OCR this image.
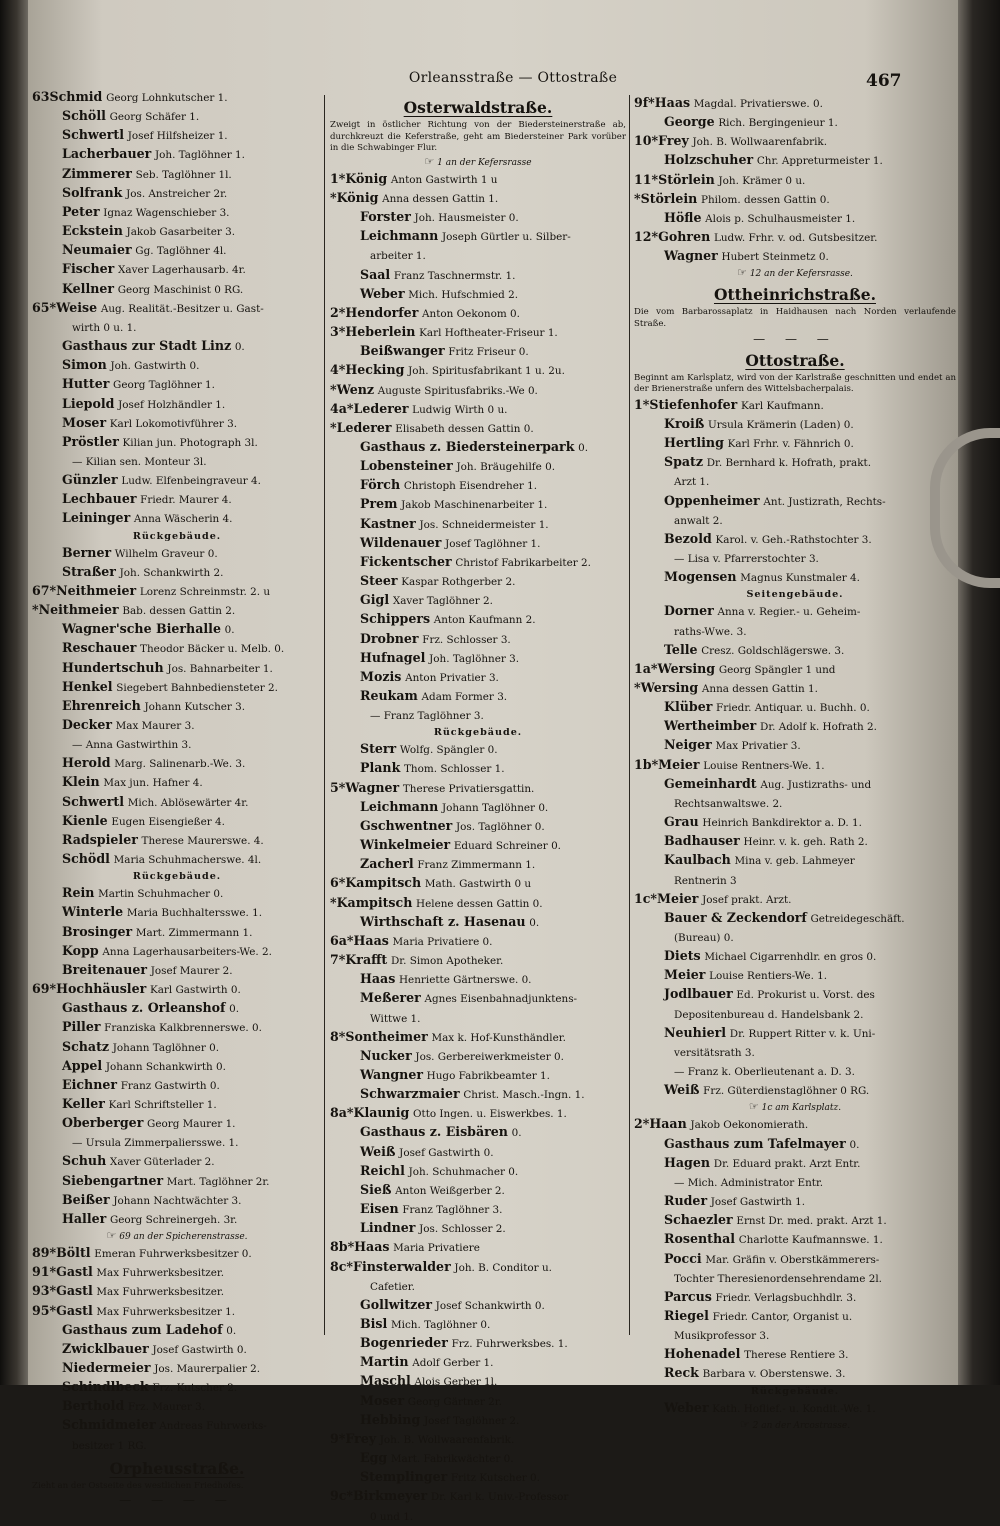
Orleansstraße — Ottostraße	467
63Schmid Georg Lohnkutscher 1.
Schöll Georg Schäfer 1.
Schwertl Josef Hilfsheizer 1.
Lacherbauer Joh. Taglöhner 1.
Zimmerer Seb. Taglöhner 1l.
Solfrank Jos. Anstreicher 2r.
Peter Ignaz Wagenschieber 3.
Eckstein Jakob Gasarbeiter 3.
Neumaier Gg. Taglöhner 4l.
Fischer Xaver Lagerhausarb. 4r.
Kellner Georg Maschinist 0 RG.
65*Weise Aug. Realität.-Besitzer u. Gast-
wirth 0 u. 1.
Gasthaus zur Stadt Linz 0.
Simon Joh. Gastwirth 0.
Hutter Georg Taglöhner 1.
Liepold Josef Holzhändler 1.
Moser Karl Lokomotivführer 3.
Pröstler Kilian jun. Photograph 3l.
— Kilian sen. Monteur 3l.
Günzler Ludw. Elfenbeingraveur 4.
Lechbauer Friedr. Maurer 4.
Leininger Anna Wäscherin 4.
Rückgebäude.
Berner Wilhelm Graveur 0.
Straßer Joh. Schankwirth 2.
67*Neithmeier Lorenz Schreinmstr. 2. u
*Neithmeier Bab. dessen Gattin 2.
Wagner'sche Bierhalle 0.
Reschauer Theodor Bäcker u. Melb. 0.
Hundertschuh Jos. Bahnarbeiter 1.
Henkel Siegebert Bahnbediensteter 2.
Ehrenreich Johann Kutscher 3.
Decker Max Maurer 3.
— Anna Gastwirthin 3.
Herold Marg. Salinenarb.-We. 3.
Klein Max jun. Hafner 4.
Schwertl Mich. Ablösewärter 4r.
Kienle Eugen Eisengießer 4.
Radspieler Therese Maurerswe. 4.
Schödl Maria Schuhmacherswe. 4l.
Rückgebäude.
Rein Martin Schuhmacher 0.
Winterle Maria Buchhaltersswe. 1.
Brosinger Mart. Zimmermann 1.
Kopp Anna Lagerhausarbeiters-We. 2.
Breitenauer Josef Maurer 2.
69*Hochhäusler Karl Gastwirth 0.
Gasthaus z. Orleanshof 0.
Piller Franziska Kalkbrennerswe. 0.
Schatz Johann Taglöhner 0.
Appel Johann Schankwirth 0.
Eichner Franz Gastwirth 0.
Keller Karl Schriftsteller 1.
Oberberger Georg Maurer 1.
— Ursula Zimmerpaliersswe. 1.
Schuh Xaver Güterlader 2.
Siebengartner Mart. Taglöhner 2r.
Beißer Johann Nachtwächter 3.
Haller Georg Schreinergeh. 3r.
☞ 69 an der Spicherenstrasse.
89*Böltl Emeran Fuhrwerksbesitzer 0.
91*Gastl Max Fuhrwerksbesitzer.
93*Gastl Max Fuhrwerksbesitzer.
95*Gastl Max Fuhrwerksbesitzer 1.
Gasthaus zum Ladehof 0.
Zwicklbauer Josef Gastwirth 0.
Niedermeier Jos. Maurerpalier 2.
Schindlbeck Frz. Kutscher 2.
Berthold Frz. Maurer 3.
Schmidmeier Andreas Fuhrwerks-
besitzer 1 RG.
Orpheusstraße.
Zieht an der Ostseite des westlichen Friedhofes.
— — — —
Osterwaldstraße.
Zweigt in östlicher Richtung von der Biedersteinerstraße ab, durchkreuzt die Keferstraße, geht am Biedersteiner Park vorüber in die Schwabinger Flur.
☞ 1 an der Kefersrasse
1*König Anton Gastwirth 1 u
*König Anna dessen Gattin 1.
Forster Joh. Hausmeister 0.
Leichmann Joseph Gürtler u. Silber-
arbeiter 1.
Saal Franz Taschnermstr. 1.
Weber Mich. Hufschmied 2.
2*Hendorfer Anton Oekonom 0.
3*Heberlein Karl Hoftheater-Friseur 1.
Beißwanger Fritz Friseur 0.
4*Hecking Joh. Spiritusfabrikant 1 u. 2u.
*Wenz Auguste Spiritusfabriks.-We 0.
4a*Lederer Ludwig Wirth 0 u.
*Lederer Elisabeth dessen Gattin 0.
Gasthaus z. Biedersteinerpark 0.
Lobensteiner Joh. Bräugehilfe 0.
Förch Christoph Eisendreher 1.
Prem Jakob Maschinenarbeiter 1.
Kastner Jos. Schneidermeister 1.
Wildenauer Josef Taglöhner 1.
Fickentscher Christof Fabrikarbeiter 2.
Steer Kaspar Rothgerber 2.
Gigl Xaver Taglöhner 2.
Schippers Anton Kaufmann 2.
Drobner Frz. Schlosser 3.
Hufnagel Joh. Taglöhner 3.
Mozis Anton Privatier 3.
Reukam Adam Former 3.
— Franz Taglöhner 3.
Rückgebäude.
Sterr Wolfg. Spängler 0.
Plank Thom. Schlosser 1.
5*Wagner Therese Privatiersgattin.
Leichmann Johann Taglöhner 0.
Gschwentner Jos. Taglöhner 0.
Winkelmeier Eduard Schreiner 0.
Zacherl Franz Zimmermann 1.
6*Kampitsch Math. Gastwirth 0 u
*Kampitsch Helene dessen Gattin 0.
Wirthschaft z. Hasenau 0.
6a*Haas Maria Privatiere 0.
7*Krafft Dr. Simon Apotheker.
Haas Henriette Gärtnerswe. 0.
Meßerer Agnes Eisenbahnadjunktens-
Wittwe 1.
8*Sontheimer Max k. Hof-Kunsthändler.
Nucker Jos. Gerbereiwerkmeister 0.
Wangner Hugo Fabrikbeamter 1.
Schwarzmaier Christ. Masch.-Ingn. 1.
8a*Klaunig Otto Ingen. u. Eiswerkbes. 1.
Gasthaus z. Eisbären 0.
Weiß Josef Gastwirth 0.
Reichl Joh. Schuhmacher 0.
Sieß Anton Weißgerber 2.
Eisen Franz Taglöhner 3.
Lindner Jos. Schlosser 2.
8b*Haas Maria Privatiere
8c*Finsterwalder Joh. B. Conditor u.
Cafetier.
Gollwitzer Josef Schankwirth 0.
Bisl Mich. Taglöhner 0.
Bogenrieder Frz. Fuhrwerksbes. 1.
Martin Adolf Gerber 1.
Maschl Alois Gerber 1l.
Moser Georg Gärtner 2r.
Hebbing Josef Taglöhner 2.
9*Frey Joh. B. Wollwaarenfabrik.
Egg Mart. Fabrikwächter 0.
Stemplinger Fritz Kutscher 0.
9c*Birkmeyer Dr. Karl k. Univ.-Professor
0 und 1.
9f*Haas Magdal. Privatierswe. 0.
George Rich. Bergingenieur 1.
10*Frey Joh. B. Wollwaarenfabrik.
Holzschuher Chr. Appreturmeister 1.
11*Störlein Joh. Krämer 0 u.
*Störlein Philom. dessen Gattin 0.
Höfle Alois p. Schulhausmeister 1.
12*Gohren Ludw. Frhr. v. od. Gutsbesitzer.
Wagner Hubert Steinmetz 0.
☞ 12 an der Kefersrasse.
Ottheinrichstraße.
Die vom Barbarossaplatz in Haidhausen nach Norden verlaufende Straße.
— — —
Ottostraße.
Beginnt am Karlsplatz, wird von der Karlstraße geschnitten und endet an der Brienerstraße unfern des Wittelsbacherpalais.
1*Stiefenhofer Karl Kaufmann.
Kroiß Ursula Krämerin (Laden) 0.
Hertling Karl Frhr. v. Fähnrich 0.
Spatz Dr. Bernhard k. Hofrath, prakt.
Arzt 1.
Oppenheimer Ant. Justizrath, Rechts-
anwalt 2.
Bezold Karol. v. Geh.-Rathstochter 3.
— Lisa v. Pfarrerstochter 3.
Mogensen Magnus Kunstmaler 4.
Seitengebäude.
Dorner Anna v. Regier.- u. Geheim-
raths-Wwe. 3.
Telle Cresz. Goldschlägerswe. 3.
1a*Wersing Georg Spängler 1 und
*Wersing Anna dessen Gattin 1.
Klüber Friedr. Antiquar. u. Buchh. 0.
Wertheimber Dr. Adolf k. Hofrath 2.
Neiger Max Privatier 3.
1b*Meier Louise Rentners-We. 1.
Gemeinhardt Aug. Justizraths- und
Rechtsanwaltswe. 2.
Grau Heinrich Bankdirektor a. D. 1.
Badhauser Heinr. v. k. geh. Rath 2.
Kaulbach Mina v. geb. Lahmeyer
Rentnerin 3
1c*Meier Josef prakt. Arzt.
Bauer & Zeckendorf Getreidegeschäft.
(Bureau) 0.
Diets Michael Cigarrenhdlr. en gros 0.
Meier Louise Rentiers-We. 1.
Jodlbauer Ed. Prokurist u. Vorst. des
Depositenbureau d. Handelsbank 2.
Neuhierl Dr. Ruppert Ritter v. k. Uni-
versitätsrath 3.
— Franz k. Oberlieutenant a. D. 3.
Weiß Frz. Güterdienstaglöhner 0 RG.
☞ 1c am Karlsplatz.
2*Haan Jakob Oekonomierath.
Gasthaus zum Tafelmayer 0.
Hagen Dr. Eduard prakt. Arzt Entr.
— Mich. Administrator Entr.
Ruder Josef Gastwirth 1.
Schaezler Ernst Dr. med. prakt. Arzt 1.
Rosenthal Charlotte Kaufmannswe. 1.
Pocci Mar. Gräfin v. Oberstkämmerers-
Tochter Theresienordensehrendame 2l.
Parcus Friedr. Verlagsbuchhdlr. 3.
Riegel Friedr. Cantor, Organist u.
Musikprofessor 3.
Hohenadel Therese Rentiere 3.
Reck Barbara v. Oberstenswe. 3.
Rückgebäude.
Weber Kath. Hoflief.- u. Kondit.-We. 1.
☞ 2 an der Arcostrasse.
